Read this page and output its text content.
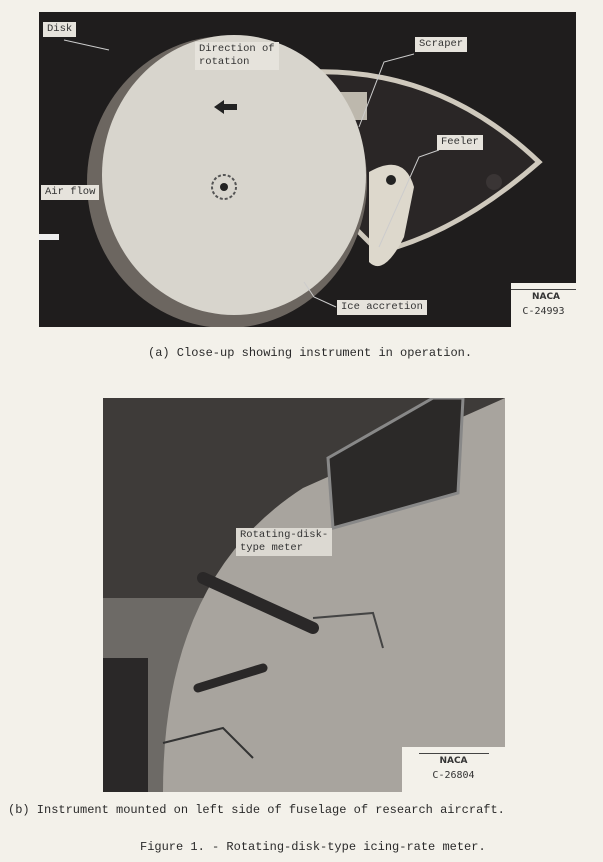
Disk
Direction of
rotation
Scraper
Feeler
Air flow
Ice accretion
NACA
C-24993
(a) Close-up showing instrument in operation.
Rotating-disk-
type meter
NACA
C-26804
(b) Instrument mounted on left side of fuselage of research aircraft.
Figure 1. - Rotating-disk-type icing-rate meter.
